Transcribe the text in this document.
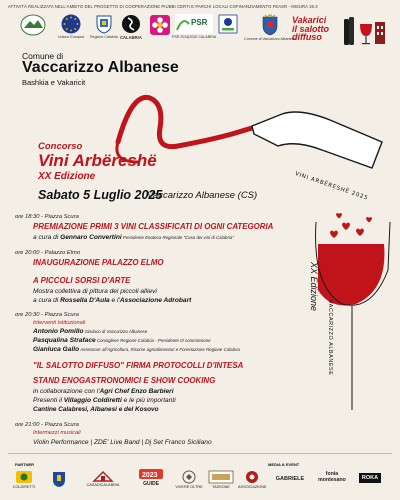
ATTIVITÀ REALIZZATA NELL'AMBITO DEL PROGETTO DI COOPERAZIONE PIUBBI CERTI E PARCHI LOCALI COFINANZIAMENTO FEASR - MISURA 19.3
Unione Europea Regione Calabria CALABRIA
PSR
PSR 2014|2020 CALABRIA	Comune di Vaccarizzo Albanese
Vakarici
il salotto
diffuso
Comune di
Vaccarizzo Albanese
Bashkia e Vakaricit
VINI ARBËRESHË 2025
Concorso
Vini Arbëreshë
XX Edizione
Sabato 5 Luglio 2025
Vaccarizzo Albanese (CS)
XX Edizione
VACCARIZZO ALBANESE
ore 18:30 - Piazza Scura
PREMIAZIONE PRIMI 3 VINI CLASSIFICATI DI OGNI CATEGORIA
a cura di Gennaro Convertini Presidente Enoteca Regionale "Casa dei vini di Calabria"
ore 20:00 - Palazzo Elmo
INAUGURAZIONE PALAZZO ELMO
A PICCOLI SORSI D'ARTE
Mostra collettiva di pittura dei piccoli allievi
a cura di Rossella D'Aula e l'Associazione Adrobart
ore 20:30 - Piazza Scura
Interventi Istituzionali
Antonio Pomillo Sindaco di Vaccarizzo Albanese
Pasqualina Straface Consigliere Regione Calabria - Presidente III commissione
Gianluca Gallo Assessore all'Agricoltura, Risorse agroalimentari e Forestazione Regione Calabria
"IL SALOTTO DIFFUSO" FIRMA PROTOCOLLI D'INTESA
STAND ENOGASTRONOMICI E SHOW COOKING
in collaborazione con l'Agri Chef Enzo Barbieri
Presenti il Villaggio Coldiretti e le più importanti
Cantine Calabresi, Albanesi e del Kosovo
ore 21:00 - Piazza Scura
Intermezzi musicali
Violin Performance | ZDE' Live Band | Dj Set Franco Siciliano
PARTNER	MEDIA & EVENT
COLDIRETTI	CASADICALABRIA
2023
GUIDE	VIVERE OLTRE	TASSONE	ASSOCIAZIONE
GABRIELE
fonia montesano	ROKA
